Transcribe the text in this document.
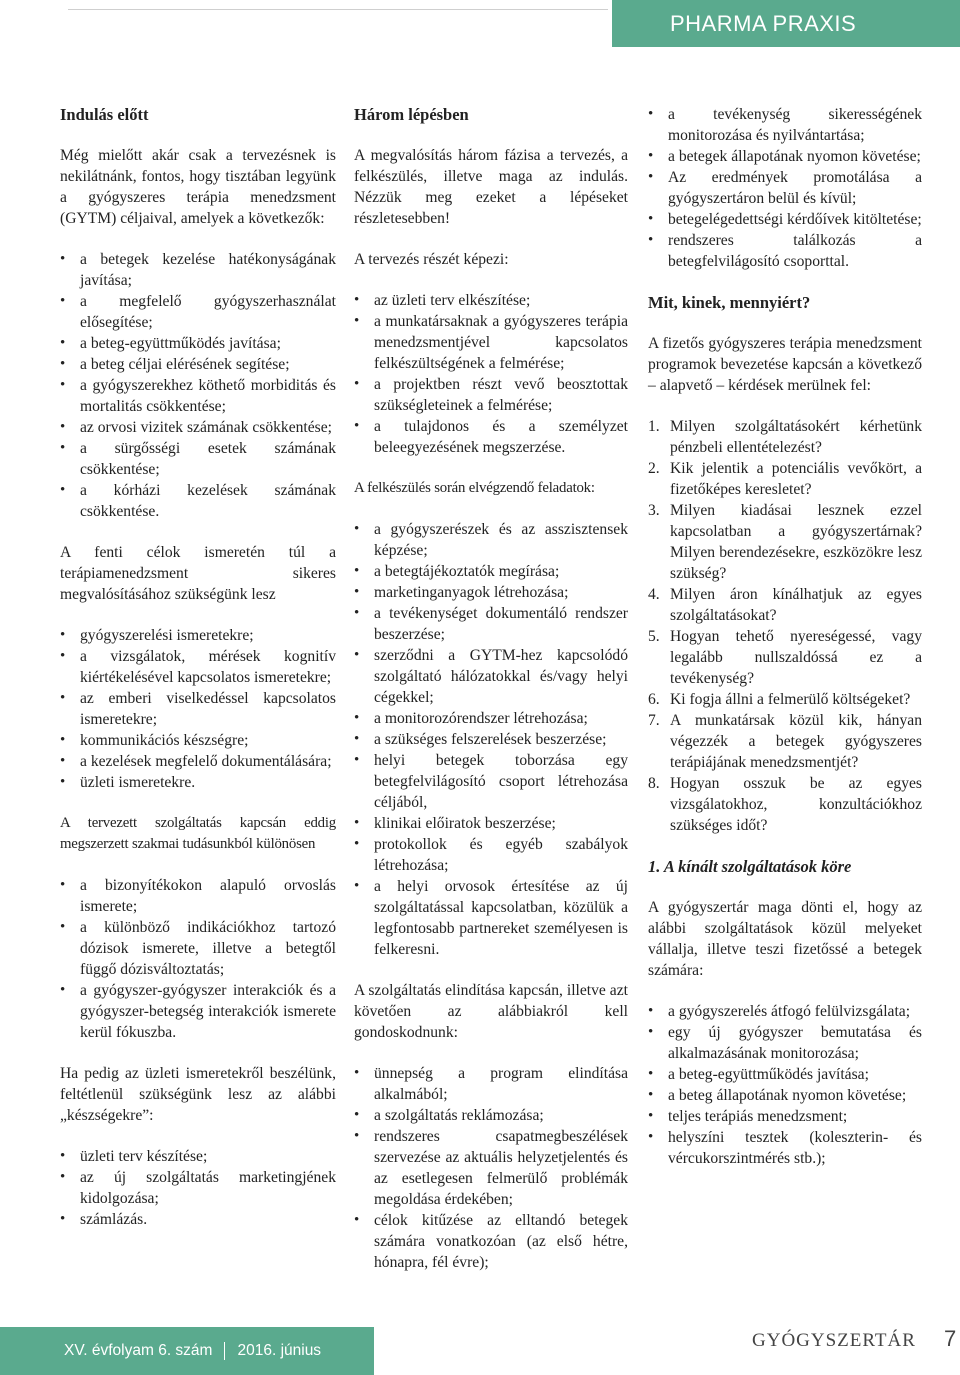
PHARMA PRAXIS
Indulás előtt

Még mielőtt akár csak a tervezésnek is nekilátnánk, fontos, hogy tisztában legyünk a gyógyszeres terápia menedzsment (GYTM) céljaival, amelyek a következők:

• a betegek kezelése hatékonyságának javítása;
• a megfelelő gyógyszerhasználat elősegítése;
• a beteg-együttműködés javítása;
• a beteg céljai elérésének segítése;
• a gyógyszerekhez köthető morbiditás és mortalitás csökkentése;
• az orvosi vizitek számának csökkentése;
• a sürgősségi esetek számának csökkentése;
• a kórházi kezelések számának csökkentése.

A fenti célok ismeretén túl a terápiamenedzsment sikeres megvalósításához szükségünk lesz

• gyógyszerelési ismeretekre;
• a vizsgálatok, mérések kognitív kiértékelésével kapcsolatos ismeretekre;
• az emberi viselkedéssel kapcsolatos ismeretekre;
• kommunikációs készségre;
• a kezelések megfelelő dokumentálására;
• üzleti ismeretekre.

A tervezett szolgáltatás kapcsán eddig megszerzett szakmai tudásunkból különösen

• a bizonyítékokon alapuló orvoslás ismerete;
• a különböző indikációkhoz tartozó dózisok ismerete, illetve a betegtől függő dózisváltoztatás;
• a gyógyszer-gyógyszer interakciók és a gyógyszer-betegség interakciók ismerete kerül fókuszba.

Ha pedig az üzleti ismeretekről beszélünk, feltétlenül szükségünk lesz az alábbi „készségekre”:

• üzleti terv készítése;
• az új szolgáltatás marketingjének kidolgozása;
• számlázás.
Három lépésben

A megvalósítás három fázisa a tervezés, a felkészülés, illetve maga az indulás. Nézzük meg ezeket a lépéseket részletesebben!

A tervezés részét képezi:

• az üzleti terv elkészítése;
• a munkatársaknak a gyógyszeres terápia menedzsmentjével kapcsolatos felkészültségének a felmérése;
• a projektben részt vevő beosztottak szükségleteinek a felmérése;
• a tulajdonos és a személyzet beleegyezésének megszerzése.

A felkészülés során elvégzendő feladatok:

• a gyógyszerészek és az asszisztensek képzése;
• a betegtájékoztatók megírása;
• marketinganyagok létrehozása;
• a tevékenységet dokumentáló rendszer beszerzése;
• szerződni a GYTM-hez kapcsolódó szolgáltató hálózatokkal és/vagy helyi cégekkel;
• a monitorozórendszer létrehozása;
• a szükséges felszerelések beszerzése;
• helyi betegek toborzása egy betegfelvilágosító csoport létrehozása céljából,
• klinikai előiratok beszerzése;
• protokollok és egyéb szabályok létrehozása;
• a helyi orvosok értesítése az új szolgáltatással kapcsolatban, közülük a legfontosabb partnereket személyesen is felkeresni.

A szolgáltatás elindítása kapcsán, illetve azt követően az alábbiakról kell gondoskodnunk:

• ünnepség a program elindítása alkalmából;
• a szolgáltatás reklámozása;
• rendszeres csapatmegbeszélések szervezése az aktuális helyzetjelentés és az esetlegesen felmerülő problémák megoldása érdekében;
• célok kitűzése az elltandó betegek számára vonatkozóan (az első hétre, hónapra, fél évre);
• a tevékenység sikerességének monitorozása és nyilvántartása;
• a betegek állapotának nyomon követése;
• Az eredmények promotálása a gyógyszertáron belül és kívül;
• betegelégedettségi kérdőívek kitöltetése;
• rendszeres találkozás a betegfelvilágosító csoporttal.
Mit, kinek, mennyiért?

A fizetős gyógyszeres terápia menedzsment programok bevezetése kapcsán a következő – alapvető – kérdések merülnek fel:

1. Milyen szolgáltatásokért kérhetünk pénzbeli ellentételezést?
2. Kik jelentik a potenciális vevőkört, a fizetőképes keresletet?
3. Milyen kiadásai lesznek ezzel kapcsolatban a gyógyszertárnak? Milyen berendezésekre, eszközökre lesz szükség?
4. Milyen áron kínálhatjuk az egyes szolgáltatásokat?
5. Hogyan tehető nyereségessé, vagy legalább nullszaldóssá ez a tevékenység?
6. Ki fogja állni a felmerülő költségeket?
7. A munkatársak közül kik, hányan végezzék a betegek gyógyszeres terápiájának menedzsmentjét?
8. Hogyan osszuk be az egyes vizsgálatokhoz, konzultációkhoz szükséges időt?
1. A kínált szolgáltatások köre

A gyógyszertár maga dönti el, hogy az alábbi szolgáltatások közül melyeket vállalja, illetve teszi fizetőssé a betegek számára:

• a gyógyszerelés átfogó felülvizsgálata;
• egy új gyógyszer bemutatása és alkalmazásának monitorozása;
• a beteg-együttműködés javítása;
• a beteg állapotának nyomon követése;
• teljes terápiás menedzsment;
• helyszíni tesztek (koleszterin- és vércukorszintmérés stb.);
XV. évfolyam 6. szám 2016. június	GYÓGYSZERTÁR 7
